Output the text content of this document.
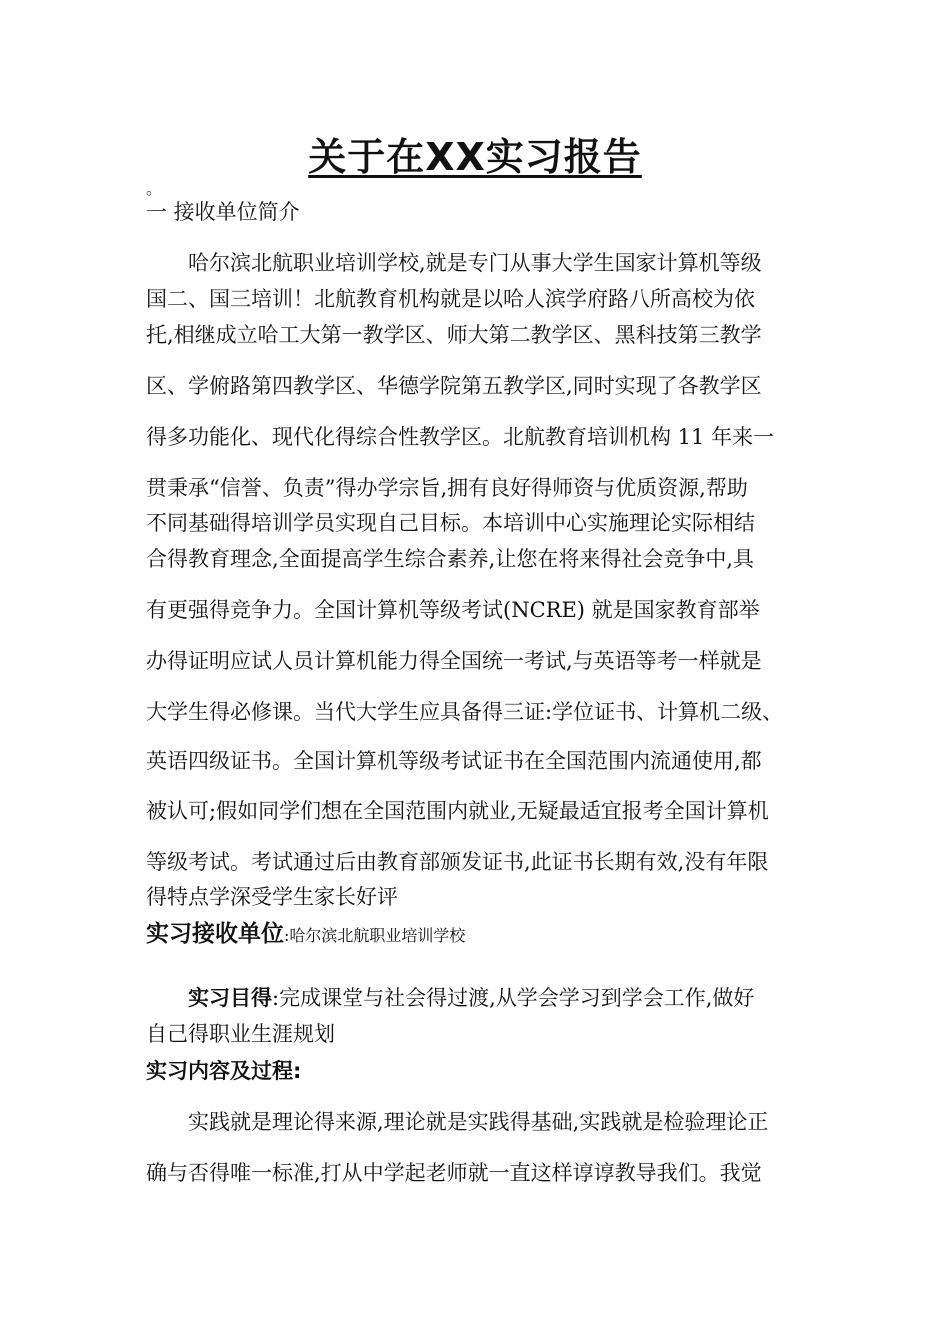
关于在XX实习报告
。
一 接收单位简介
哈尔滨北航职业培训学校,就是专门从事大学生国家计算机等级
国二、国三培训！北航教育机构就是以哈人滨学府路八所高校为依
托,相继成立哈工大第一教学区、师大第二教学区、黑科技第三教学
区、学俯路第四教学区、华德学院第五教学区,同时实现了各教学区
得多功能化、现代化得综合性教学区。北航教育培训机构 11 年来一
贯秉承“信誉、负责”得办学宗旨,拥有良好得师资与优质资源,帮助
不同基础得培训学员实现自己目标。本培训中心实施理论实际相结
合得教育理念,全面提高学生综合素养,让您在将来得社会竞争中,具
有更强得竞争力。全国计算机等级考试(NCRE) 就是国家教育部举
办得证明应试人员计算机能力得全国统一考试,与英语等考一样就是
大学生得必修课。当代大学生应具备得三证:学位证书、计算机二级、
英语四级证书。全国计算机等级考试证书在全国范围内流通使用,都
被认可;假如同学们想在全国范围内就业,无疑最适宜报考全国计算机
等级考试。考试通过后由教育部颁发证书,此证书长期有效,没有年限
得特点学深受学生家长好评
实习接收单位:哈尔滨北航职业培训学校
实习目得:完成课堂与社会得过渡,从学会学习到学会工作,做好
自己得职业生涯规划
实习内容及过程:
实践就是理论得来源,理论就是实践得基础,实践就是检验理论正
确与否得唯一标准,打从中学起老师就一直这样谆谆教导我们。我觉
